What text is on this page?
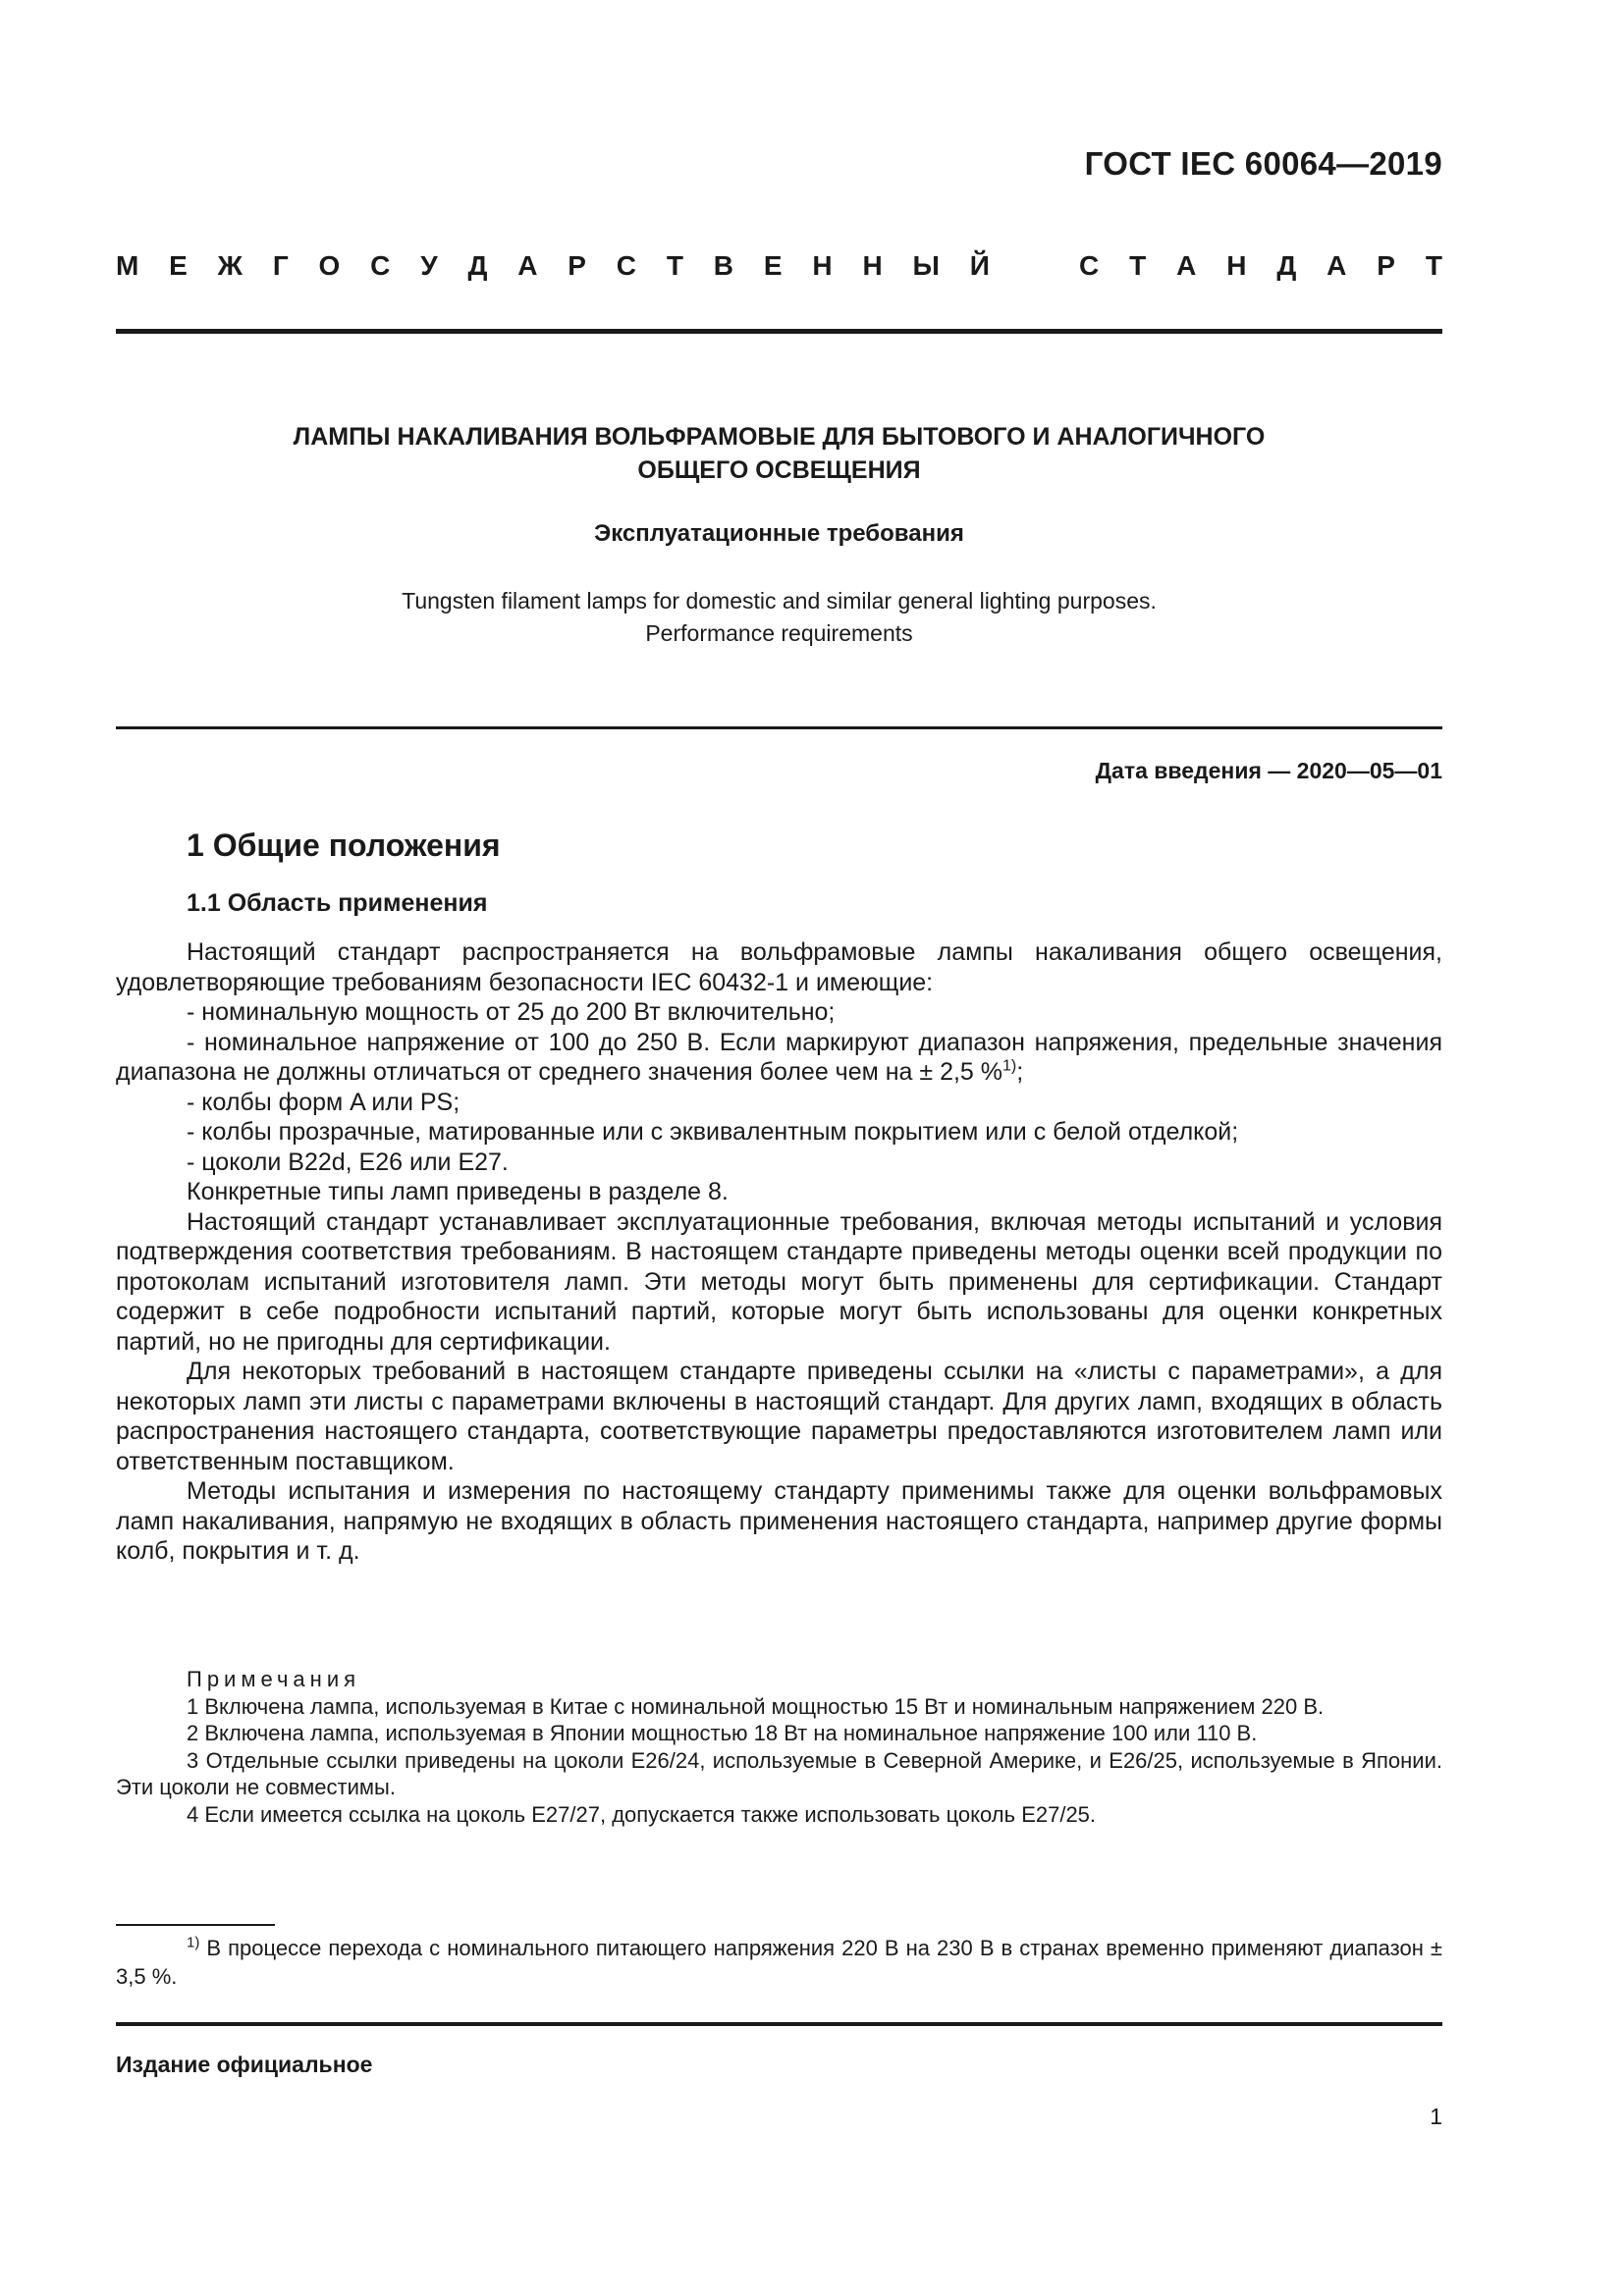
ГОСТ IEC 60064—2019
М Е Ж Г О С У Д А Р С Т В Е Н Н Ы Й	С Т А Н Д А Р Т
ЛАМПЫ НАКАЛИВАНИЯ ВОЛЬФРАМОВЫЕ ДЛЯ БЫТОВОГО И АНАЛОГИЧНОГО
ОБЩЕГО ОСВЕЩЕНИЯ
Эксплуатационные требования
Tungsten filament lamps for domestic and similar general lighting purposes.
Performance requirements
Дата введения — 2020—05—01
1 Общие положения
1.1 Область применения

Настоящий стандарт распространяется на вольфрамовые лампы накаливания общего освещения, удовлетворяющие требованиям безопасности IEC 60432-1 и имеющие:

- номинальную мощность от 25 до 200 Вт включительно;

- номинальное напряжение от 100 до 250 В. Если маркируют диапазон напряжения, предельные значения диапазона не должны отличаться от среднего значения более чем на ± 2,5 %$^{1)}$;

- колбы форм A или PS;

- колбы прозрачные, матированные или с эквивалентным покрытием или с белой отделкой;

- цоколи B22d, E26 или E27.

Конкретные типы ламп приведены в разделе 8.

Настоящий стандарт устанавливает эксплуатационные требования, включая методы испытаний и условия подтверждения соответствия требованиям. В настоящем стандарте приведены методы оценки всей продукции по протоколам испытаний изготовителя ламп. Эти методы могут быть применены для сертификации. Стандарт содержит в себе подробности испытаний партий, которые могут быть использованы для оценки конкретных партий, но не пригодны для сертификации.

Для некоторых требований в настоящем стандарте приведены ссылки на «листы с параметрами», а для некоторых ламп эти листы с параметрами включены в настоящий стандарт. Для других ламп, входящих в область распространения настоящего стандарта, соответствующие параметры предоставляются изготовителем ламп или ответственным поставщиком.

Методы испытания и измерения по настоящему стандарту применимы также для оценки вольфрамовых ламп накаливания, напрямую не входящих в область применения настоящего стандарта, например другие формы колб, покрытия и т. д.

Примечания

1 Включена лампа, используемая в Китае с номинальной мощностью 15 Вт и номинальным напряжением 220 В.

2 Включена лампа, используемая в Японии мощностью 18 Вт на номинальное напряжение 100 или 110 В.

3 Отдельные ссылки приведены на цоколи E26/24, используемые в Северной Америке, и E26/25, используемые в Японии. Эти цоколи не совместимы.

4 Если имеется ссылка на цоколь E27/27, допускается также использовать цоколь E27/25.

$^{1)}$ В процессе перехода с номинального питающего напряжения 220 В на 230 В в странах временно применяют диапазон ± 3,5 %.

Издание официальное
1
